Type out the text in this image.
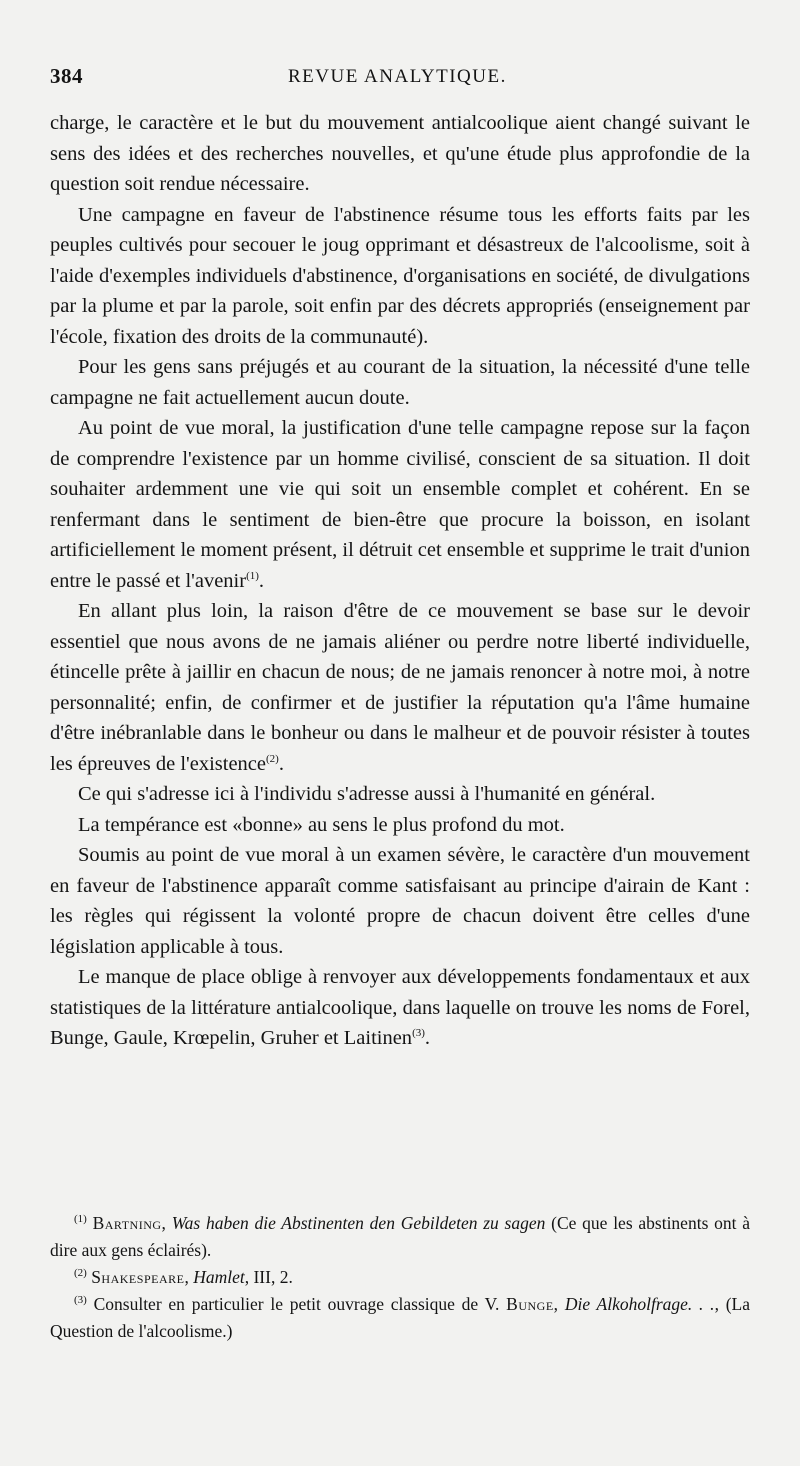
384	REVUE ANALYTIQUE.

charge, le caractère et le but du mouvement antialcoolique aient changé suivant le sens des idées et des recherches nouvelles, et qu'une étude plus approfondie de la question soit rendue nécessaire.

Une campagne en faveur de l'abstinence résume tous les efforts faits par les peuples cultivés pour secouer le joug opprimant et désastreux de l'alcoolisme, soit à l'aide d'exemples individuels d'abstinence, d'organisations en société, de divulgations par la plume et par la parole, soit enfin par des décrets appropriés (enseignement par l'école, fixation des droits de la communauté).

Pour les gens sans préjugés et au courant de la situation, la nécessité d'une telle campagne ne fait actuellement aucun doute.

Au point de vue moral, la justification d'une telle campagne repose sur la façon de comprendre l'existence par un homme civilisé, conscient de sa situation. Il doit souhaiter ardemment une vie qui soit un ensemble complet et cohérent. En se renfermant dans le sentiment de bien-être que procure la boisson, en isolant artificiellement le moment présent, il détruit cet ensemble et supprime le trait d'union entre le passé et l'avenir$^{(1)}$.

En allant plus loin, la raison d'être de ce mouvement se base sur le devoir essentiel que nous avons de ne jamais aliéner ou perdre notre liberté individuelle, étincelle prête à jaillir en chacun de nous; de ne jamais renoncer à notre moi, à notre personnalité; enfin, de confirmer et de justifier la réputation qu'a l'âme humaine d'être inébranlable dans le bonheur ou dans le malheur et de pouvoir résister à toutes les épreuves de l'existence$^{(2)}$.

Ce qui s'adresse ici à l'individu s'adresse aussi à l'humanité en général.

La tempérance est «bonne» au sens le plus profond du mot.

Soumis au point de vue moral à un examen sévère, le caractère d'un mouvement en faveur de l'abstinence apparaît comme satisfaisant au principe d'airain de Kant : les règles qui régissent la volonté propre de chacun doivent être celles d'une législation applicable à tous.

Le manque de place oblige à renvoyer aux développements fondamentaux et aux statistiques de la littérature antialcoolique, dans laquelle on trouve les noms de Forel, Bunge, Gaule, Krœpelin, Gruher et Laitinen$^{(3)}$.

$^{(1)}$ Bartning, Was haben die Abstinenten den Gebildeten zu sagen (Ce que les abstinents ont à dire aux gens éclairés).

$^{(2)}$ Shakespeare, Hamlet, III, 2.

$^{(3)}$ Consulter en particulier le petit ouvrage classique de V. Bunge, Die Alkoholfrage. . ., (La Question de l'alcoolisme.)
